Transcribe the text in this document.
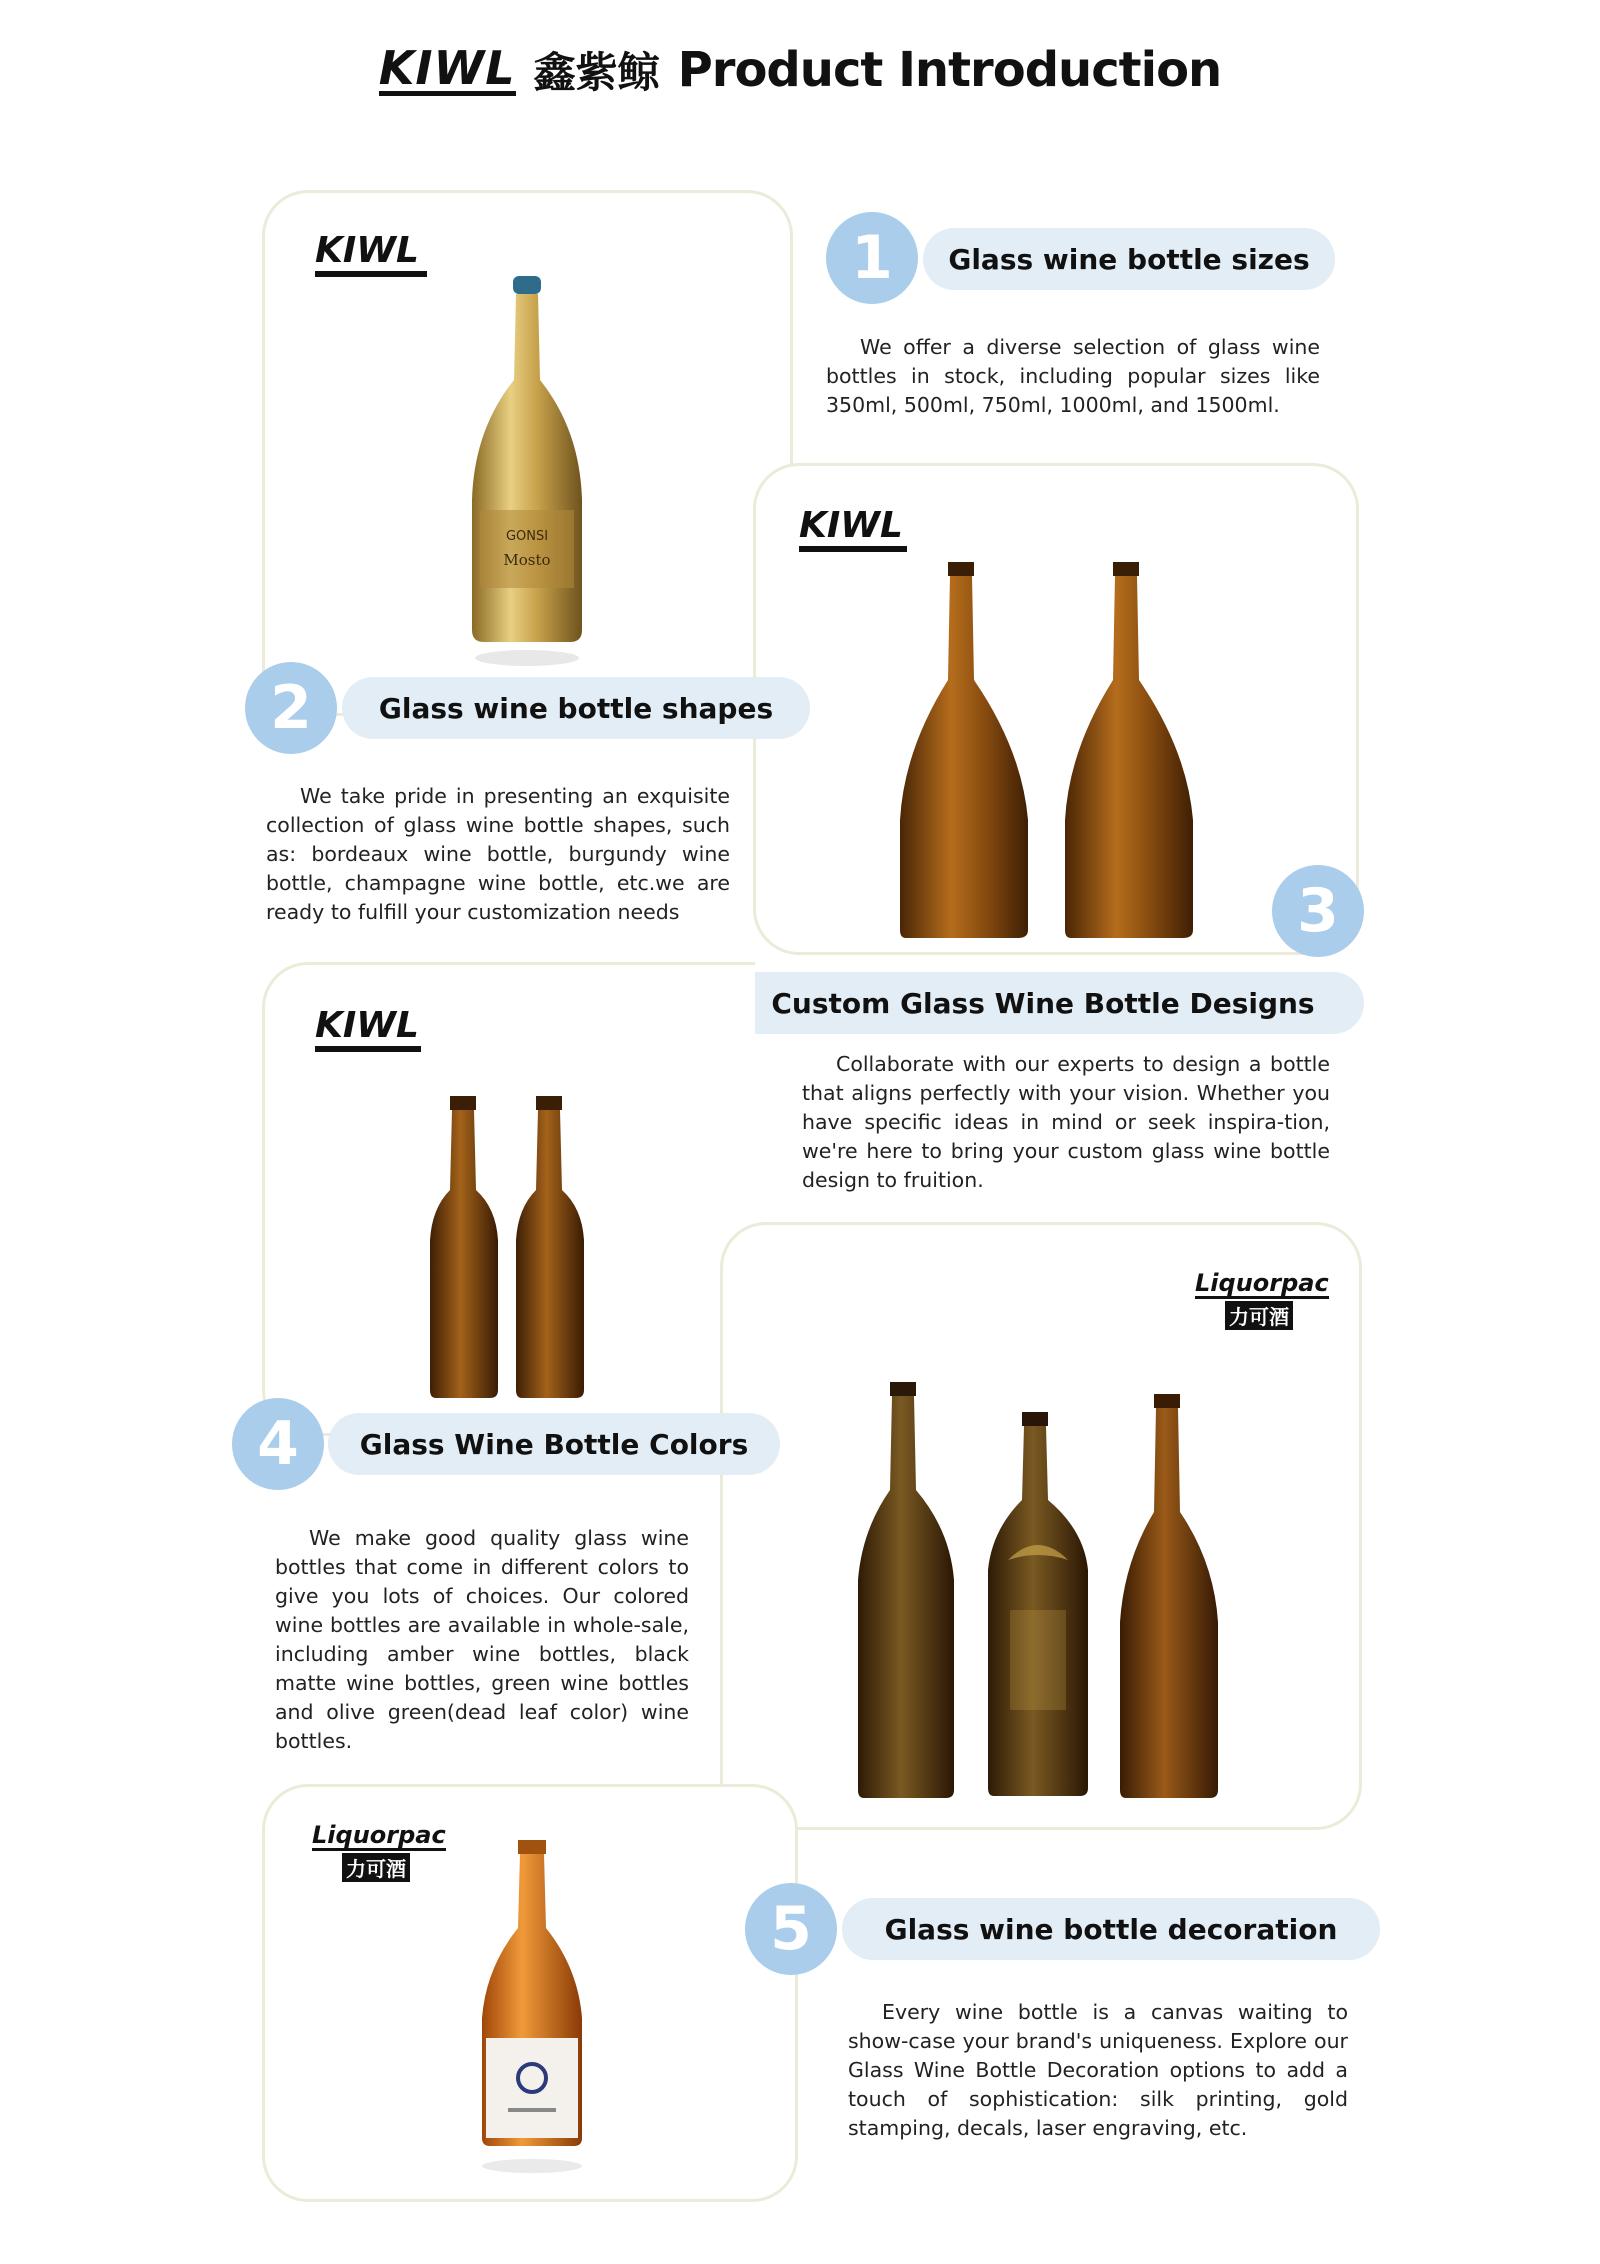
KIWL 鑫紫鲸 Product Introduction
KIWL
GONSI
Mosto
KIWL
1	Glass wine bottle sizes
We offer a diverse selection of glass wine bottles in stock, including popular sizes like 350ml, 500ml, 750ml, 1000ml, and 1500ml.
2	Glass wine bottle shapes
We take pride in presenting an exquisite collection of glass wine bottle shapes, such as: bordeaux wine bottle, burgundy wine bottle, champagne wine bottle, etc.we are ready to fulfill your customization needs	3
Custom Glass Wine Bottle Designs
KIWL
Collaborate with our experts to design a bottle that aligns perfectly with your vision. Whether you have specific ideas in mind or seek inspira-tion, we're here to bring your custom glass wine bottle design to fruition.
Liquorpac
力可酒
4	Glass Wine Bottle Colors
We make good quality glass wine bottles that come in different colors to give you lots of choices. Our colored wine bottles are available in whole-sale, including amber wine bottles, black matte wine bottles, green wine bottles and olive green(dead leaf color) wine bottles.
Liquorpac
力可酒
5	Glass wine bottle decoration
Every wine bottle is a canvas waiting to show-case your brand's uniqueness. Explore our Glass Wine Bottle Decoration options to add a touch of sophistication: silk printing, gold stamping, decals, laser engraving, etc.
